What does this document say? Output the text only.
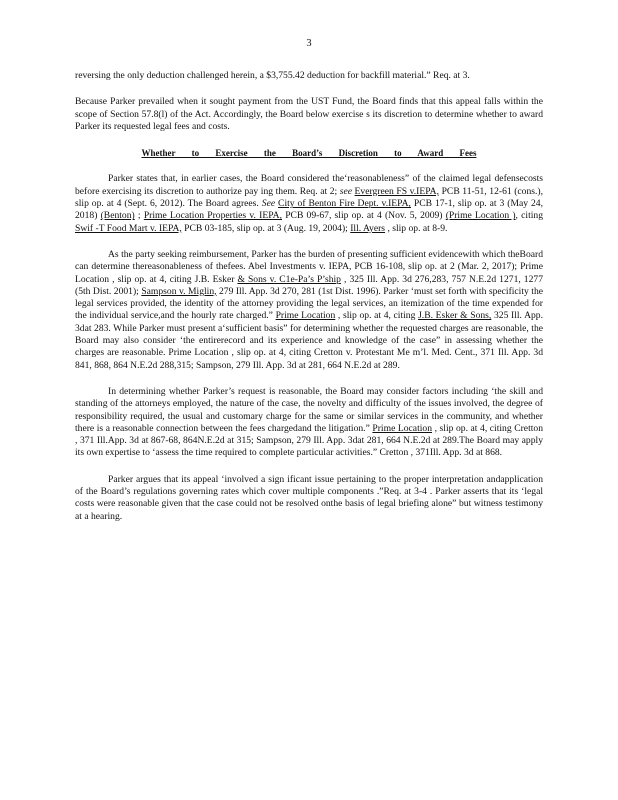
3

reversing the only deduction challenged herein, a $3,755.42 deduction for backfill material.” Req. at 3.

Because Parker prevailed when it sought payment from the UST Fund, the Board finds that this appeal falls within the scope of Section 57.8(l) of the Act. Accordingly, the Board below exercise s its discretion to determine whether to award Parker its requested legal fees and costs.

Whether to Exercise the Board’s Discretion to Award Fees

Parker states that, in earlier cases, the Board considered the‘reasonableness” of the claimed legal defensecosts before exercising its discretion to authorize pay ing them. Req. at 2; see Evergreen FS v.IEPA, PCB 11-51, 12-61 (cons.), slip op. at 4 (Sept. 6, 2012). The Board agrees. See City of Benton Fire Dept. v.IEPA, PCB 17-1, slip op. at 3 (May 24, 2018) (Benton) ; Prime Location Properties v. IEPA, PCB 09-67, slip op. at 4 (Nov. 5, 2009) (Prime Location ), citing Swif -T Food Mart v. IEPA, PCB 03-185, slip op. at 3 (Aug. 19, 2004); Ill. Ayers , slip op. at 8-9.

As the party seeking reimbursement, Parker has the burden of presenting sufficient evidencewith which theBoard can determine thereasonableness of thefees. Abel Investments v. IEPA, PCB 16-108, slip op. at 2 (Mar. 2, 2017); Prime Location , slip op. at 4, citing J.B. Esker & Sons v. C1e-Pa’s P’ship , 325 Ill. App. 3d 276,283, 757 N.E.2d 1271, 1277 (5th Dist. 2001); Sampson v. Miglin, 279 Ill. App. 3d 270, 281 (1st Dist. 1996). Parker ‘must set forth with specificity the legal services provided, the identity of the attorney providing the legal services, an itemization of the time expended for the individual service,and the hourly rate charged.” Prime Location , slip op. at 4, citing J.B. Esker & Sons, 325 Ill. App. 3dat 283. While Parker must present a‘sufficient basis” for determining whether the requested charges are reasonable, the Board may also consider ‘the entirerecord and its experience and knowledge of the case” in assessing whether the charges are reasonable. Prime Location , slip op. at 4, citing Cretton v. Protestant Me m’l. Med. Cent., 371 Ill. App. 3d 841, 868, 864 N.E.2d 288,315; Sampson, 279 Ill. App. 3d at 281, 664 N.E.2d at 289.

In determining whether Parker’s request is reasonable, the Board may consider factors including ‘the skill and standing of the attorneys employed, the nature of the case, the novelty and difficulty of the issues involved, the degree of responsibility required, the usual and customary charge for the same or similar services in the community, and whether there is a reasonable connection between the fees chargedand the litigation.” Prime Location , slip op. at 4, citing Cretton , 371 Ill.App. 3d at 867-68, 864N.E.2d at 315; Sampson, 279 Ill. App. 3dat 281, 664 N.E.2d at 289.The Board may apply its own expertise to ‘assess the time required to complete particular activities.” Cretton , 371Ill. App. 3d at 868.

Parker argues that its appeal ‘involved a sign ificant issue pertaining to the proper interpretation andapplication of the Board’s regulations governing rates which cover multiple components .”Req. at 3-4 . Parker asserts that its ‘legal costs were reasonable given that the case could not be resolved onthe basis of legal briefing alone” but witness testimony at a hearing.
